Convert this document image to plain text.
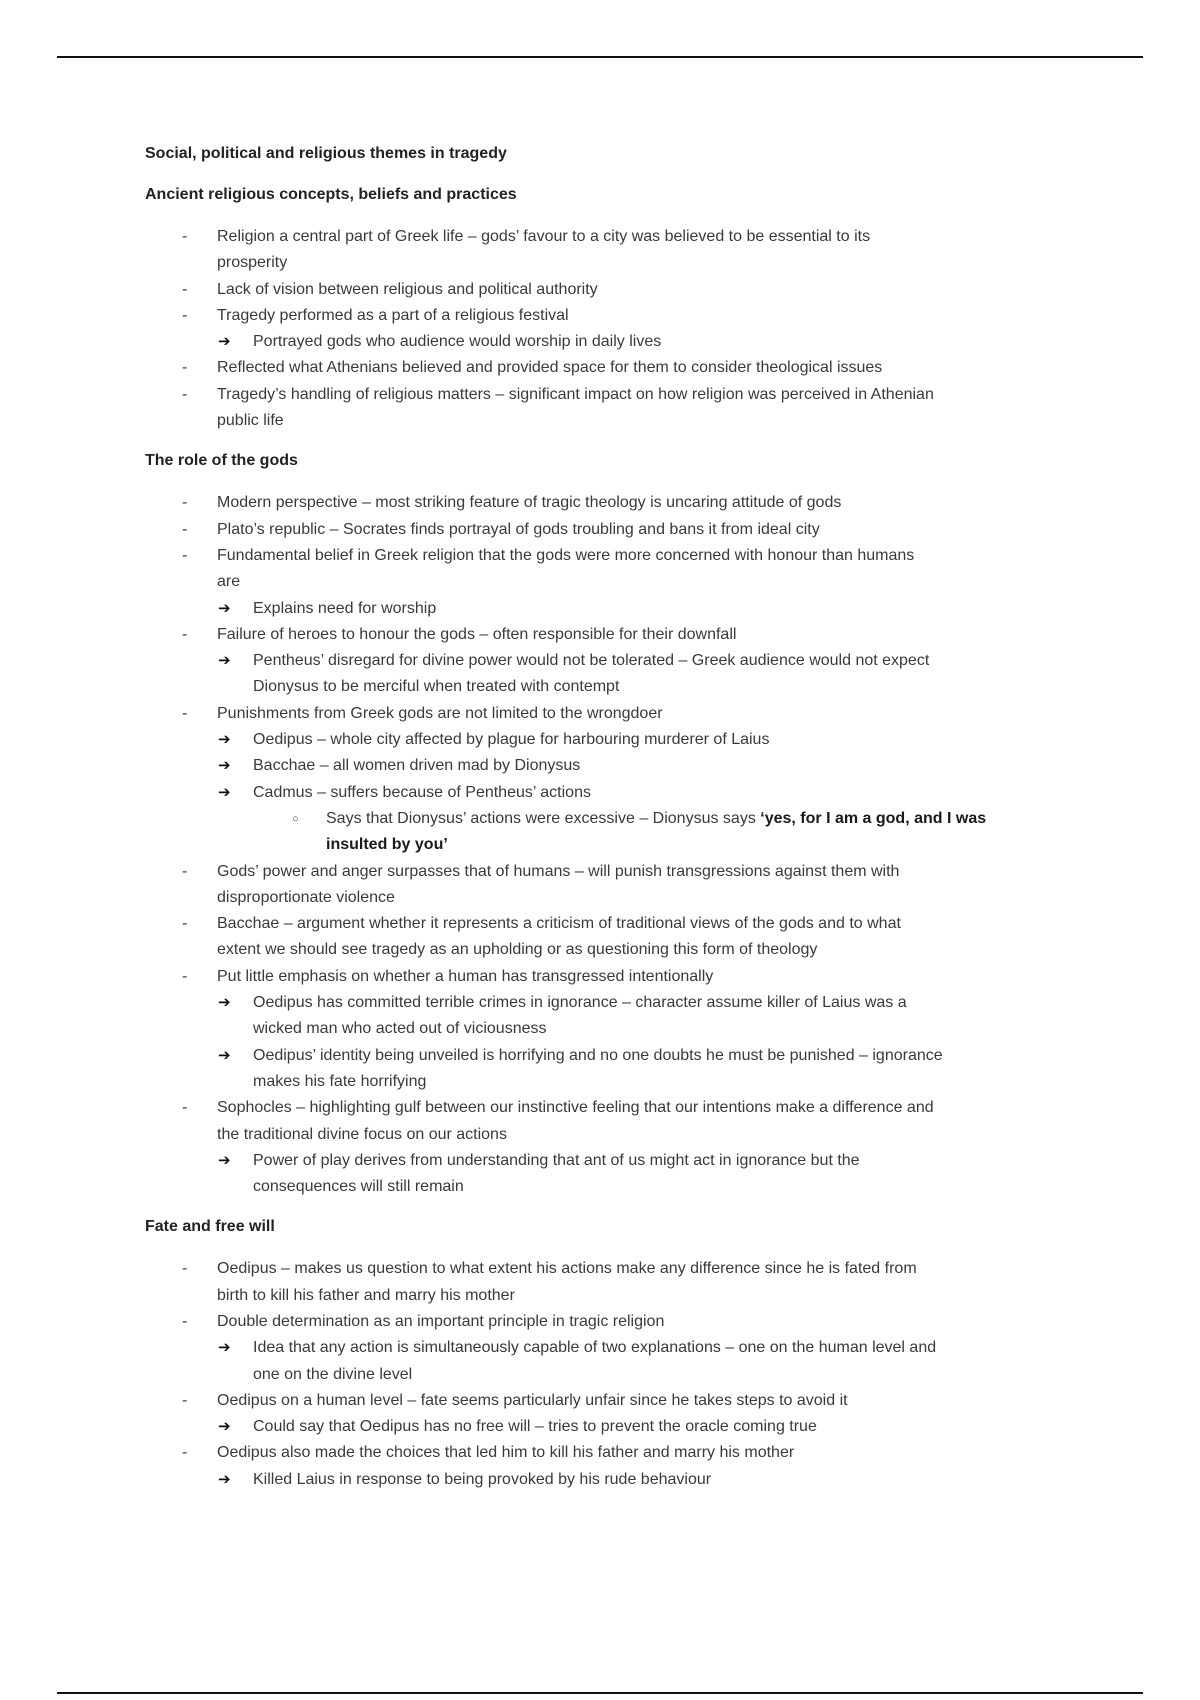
Social, political and religious themes in tragedy
Ancient religious concepts, beliefs and practices
- Religion a central part of Greek life – gods’ favour to a city was believed to be essential to its
prosperity
- Lack of vision between religious and political authority
- Tragedy performed as a part of a religious festival
➔ Portrayed gods who audience would worship in daily lives
- Reflected what Athenians believed and provided space for them to consider theological issues
- Tragedy’s handling of religious matters – significant impact on how religion was perceived in Athenian
public life
The role of the gods
- Modern perspective – most striking feature of tragic theology is uncaring attitude of gods
- Plato’s republic – Socrates finds portrayal of gods troubling and bans it from ideal city
- Fundamental belief in Greek religion that the gods were more concerned with honour than humans
are
➔ Explains need for worship
- Failure of heroes to honour the gods – often responsible for their downfall
➔ Pentheus’ disregard for divine power would not be tolerated – Greek audience would not expect
Dionysus to be merciful when treated with contempt
- Punishments from Greek gods are not limited to the wrongdoer
➔ Oedipus – whole city affected by plague for harbouring murderer of Laius
➔ Bacchae – all women driven mad by Dionysus
➔ Cadmus – suffers because of Pentheus’ actions
○ Says that Dionysus’ actions were excessive – Dionysus says ‘yes, for I am a god, and I was
insulted by you’
- Gods’ power and anger surpasses that of humans – will punish transgressions against them with
disproportionate violence
- Bacchae – argument whether it represents a criticism of traditional views of the gods and to what
extent we should see tragedy as an upholding or as questioning this form of theology
- Put little emphasis on whether a human has transgressed intentionally
➔ Oedipus has committed terrible crimes in ignorance – character assume killer of Laius was a
wicked man who acted out of viciousness
➔ Oedipus’ identity being unveiled is horrifying and no one doubts he must be punished – ignorance
makes his fate horrifying
- Sophocles – highlighting gulf between our instinctive feeling that our intentions make a difference and
the traditional divine focus on our actions
➔ Power of play derives from understanding that ant of us might act in ignorance but the
consequences will still remain
Fate and free will
- Oedipus – makes us question to what extent his actions make any difference since he is fated from
birth to kill his father and marry his mother
- Double determination as an important principle in tragic religion
➔ Idea that any action is simultaneously capable of two explanations – one on the human level and
one on the divine level
- Oedipus on a human level – fate seems particularly unfair since he takes steps to avoid it
➔ Could say that Oedipus has no free will – tries to prevent the oracle coming true
- Oedipus also made the choices that led him to kill his father and marry his mother
➔ Killed Laius in response to being provoked by his rude behaviour
